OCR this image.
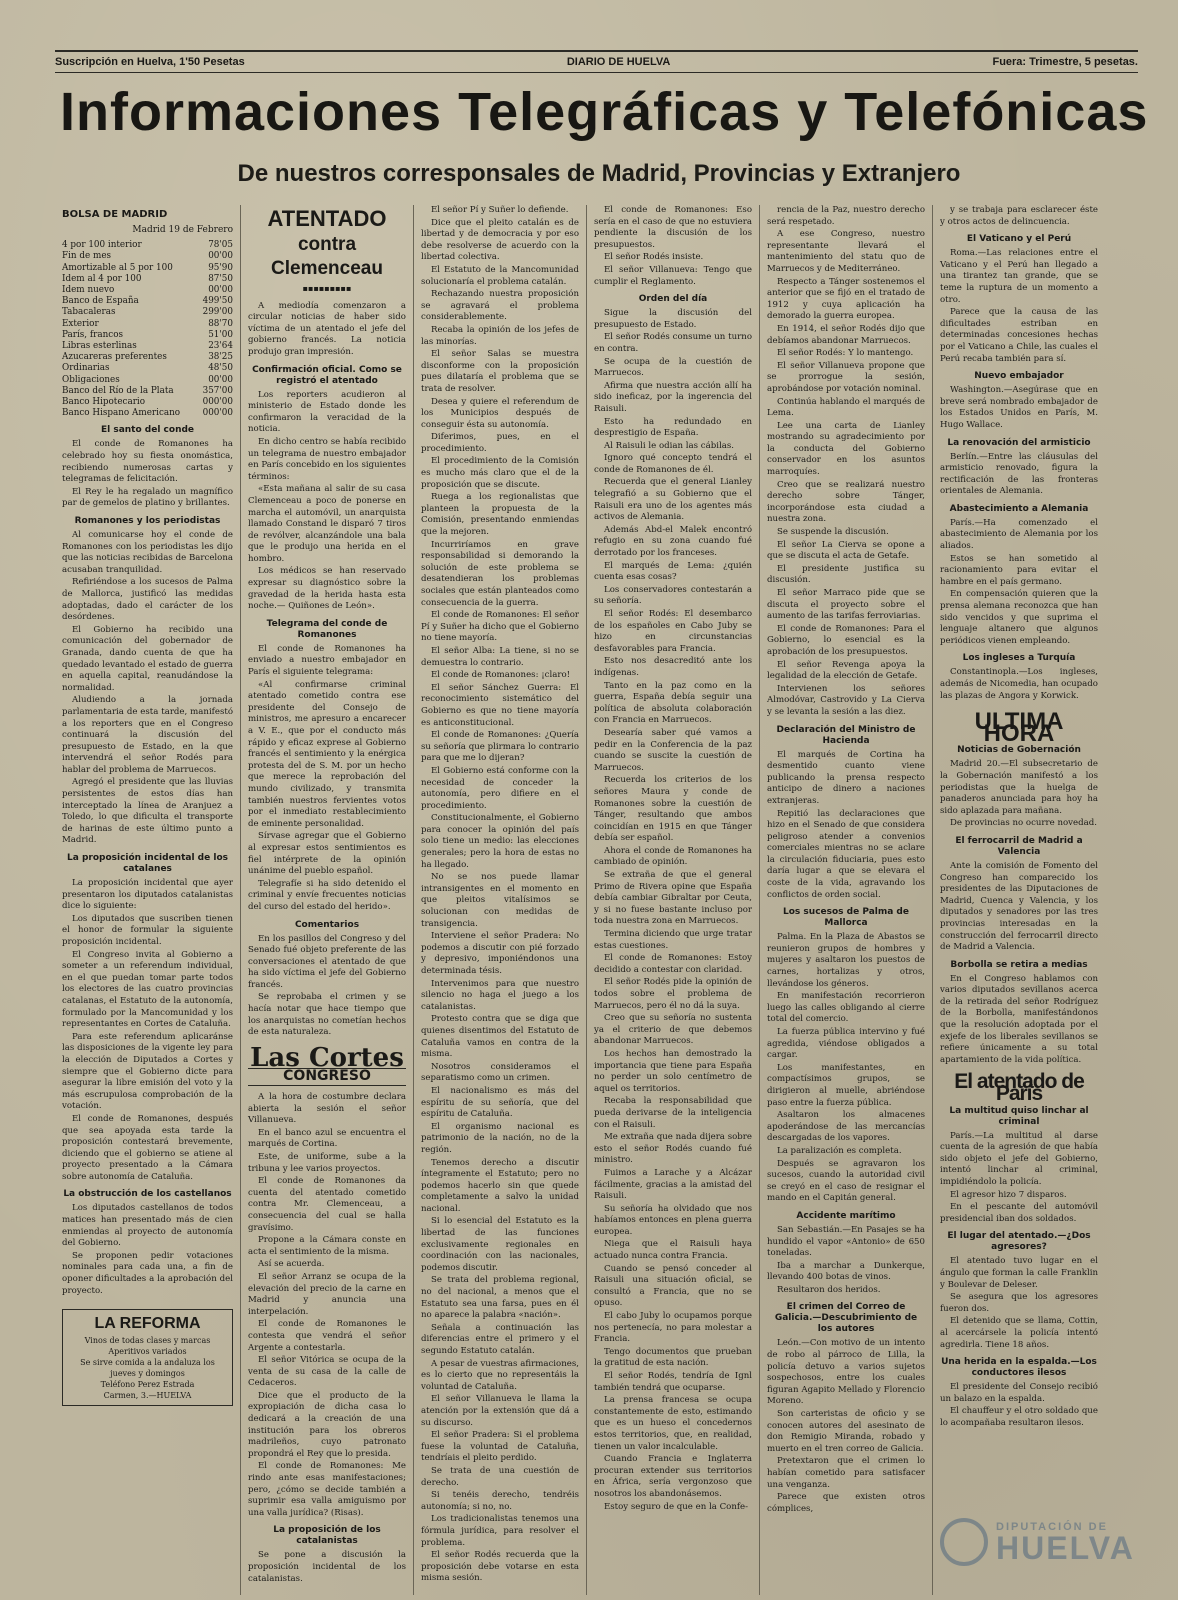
Suscripción en Huelva, 1'50 Pesetas	DIARIO DE HUELVA	Fuera: Trimestre, 5 pesetas.
Informaciones Telegráficas y Telefónicas
De nuestros corresponsales de Madrid, Provincias y Extranjero
BOLSA DE MADRID
Madrid 19 de Febrero
4 por 100 interior	78'05
Fin de mes	00'00
Amortizable al 5 por 100	95'90
Idem al 4 por 100	87'50
Idem nuevo	00'00
Banco de España	499'50
Tabacaleras	299'00
Exterior	88'70
París, francos	51'00
Libras esterlinas	23'64
Azucareras preferentes	38'25
Ordinarias	48'50
Obligaciones	00'00
Banco del Río de la Plata	357'00
Banco Hipotecario	000'00
Banco Hispano Americano	000'00
El santo del conde

El conde de Romanones ha celebrado hoy su fiesta onomástica, recibiendo numerosas cartas y telegramas de felicitación.

El Rey le ha regalado un magnífico par de gemelos de platino y brillantes.

Romanones y los periodistas

Al comunicarse hoy el conde de Romanones con los periodistas les dijo que las noticias recibidas de Barcelona acusaban tranquilidad.

Refiriéndose a los sucesos de Palma de Mallorca, justificó las medidas adoptadas, dado el carácter de los desórdenes.

El Gobierno ha recibido una comunicación del gobernador de Granada, dando cuenta de que ha quedado levantado el estado de guerra en aquella capital, reanudándose la normalidad.

Aludiendo a la jornada parlamentaria de esta tarde, manifestó a los reporters que en el Congreso continuará la discusión del presupuesto de Estado, en la que intervendrá el señor Rodés para hablar del problema de Marruecos.

Agregó el presidente que las lluvias persistentes de estos días han interceptado la línea de Aranjuez a Toledo, lo que dificulta el transporte de harinas de este último punto a Madrid.

La proposición incidental de los catalanes

La proposición incidental que ayer presentaron los diputados catalanistas dice lo siguiente:

Los diputados que suscriben tienen el honor de formular la siguiente proposición incidental.

El Congreso invita al Gobierno a someter a un referendum individual, en el que puedan tomar parte todos los electores de las cuatro provincias catalanas, el Estatuto de la autonomía, formulado por la Mancomunidad y los representantes en Cortes de Cataluña.

Para este referendum aplicaránse las disposiciones de la vigente ley para la elección de Diputados a Cortes y siempre que el Gobierno dicte para asegurar la libre emisión del voto y la más escrupulosa comprobación de la votación.

El conde de Romanones, después que sea apoyada esta tarde la proposición contestará brevemente, diciendo que el gobierno se atiene al proyecto presentado a la Cámara sobre autonomía de Cataluña.

La obstrucción de los castellanos

Los diputados castellanos de todos matices han presentado más de cien enmiendas al proyecto de autonomía del Gobierno.

Se proponen pedir votaciones nominales para cada una, a fin de oponer dificultades a la aprobación del proyecto.

LA REFORMA
Vinos de todas clases y marcas
Aperitivos variados
Se sirve comida a la andaluza los jueves y domingos
Teléfono Perez Estrada
Carmen, 3.—HUELVA
ATENTADO
contra Clemenceau
▪▪▪▪▪▪▪▪▪

A mediodía comenzaron a circular noticias de haber sido víctima de un atentado el jefe del gobierno francés. La noticia produjo gran impresión.

Confirmación oficial. Como se registró el atentado

Los reporters acudieron al ministerio de Estado donde les confirmaron la veracidad de la noticia.

En dicho centro se había recibido un telegrama de nuestro embajador en París concebido en los siguientes términos:

«Esta mañana al salir de su casa Clemenceau a poco de ponerse en marcha el automóvil, un anarquista llamado Constand le disparó 7 tiros de revólver, alcanzándole una bala que le produjo una herida en el hombro.

Los médicos se han reservado expresar su diagnóstico sobre la gravedad de la herida hasta esta noche.— Quiñones de León».

Telegrama del conde de Romanones

El conde de Romanones ha enviado a nuestro embajador en París el siguiente telegrama:

«Al confirmarse criminal atentado cometido contra ese presidente del Consejo de ministros, me apresuro a encarecer a V. E., que por el conducto más rápido y eficaz exprese al Gobierno francés el sentimiento y la enérgica protesta del de S. M. por un hecho que merece la reprobación del mundo civilizado, y transmita también nuestros fervientes votos por el inmediato restablecimiento de eminente personalidad.

Sírvase agregar que el Gobierno al expresar estos sentimientos es fiel intérprete de la opinión unánime del pueblo español.

Telegrafíe si ha sido detenido el criminal y envíe frecuentes noticias del curso del estado del herido».

Comentarios

En los pasillos del Congreso y del Senado fué objeto preferente de las conversaciones el atentado de que ha sido víctima el jefe del Gobierno francés.

Se reprobaba el crimen y se hacía notar que hace tiempo que los anarquistas no cometían hechos de esta naturaleza.

Las Cortes
CONGRESO

A la hora de costumbre declara abierta la sesión el señor Villanueva.

En el banco azul se encuentra el marqués de Cortina.

Este, de uniforme, sube a la tribuna y lee varios proyectos.

El conde de Romanones da cuenta del atentado cometido contra Mr. Clemenceau, a consecuencia del cual se halla gravísimo.

Propone a la Cámara conste en acta el sentimiento de la misma.

Así se acuerda.

El señor Arranz se ocupa de la elevación del precio de la carne en Madrid y anuncia una interpelación.

El conde de Romanones le contesta que vendrá el señor Argente a contestarla.

El señor Vitórica se ocupa de la venta de su casa de la calle de Cedaceros.

Dice que el producto de la expropiación de dicha casa lo dedicará a la creación de una institución para los obreros madrileños, cuyo patronato propondrá el Rey que lo presida.

El conde de Romanones: Me rindo ante esas manifestaciones; pero, ¿cómo se decide también a suprimir esa valla amiguismo por una valla jurídica? (Risas).

La proposición de los catalanistas

Se pone a discusión la proposición incidental de los catalanistas.

El señor Pí y Suñer lo defiende.

Dice que el pleito catalán es de libertad y de democracia y por eso debe resolverse de acuerdo con la libertad colectiva.

El Estatuto de la Mancomunidad solucionaría el problema catalán.

Rechazando nuestra proposición se agravará el problema considerablemente.

Recaba la opinión de los jefes de las minorías.

El señor Salas se muestra disconforme con la proposición pues dilataría el problema que se trata de resolver.

Desea y quiere el referendum de los Municipios después de conseguir ésta su autonomía.

Diferimos, pues, en el procedimiento.

El procedimiento de la Comisión es mucho más claro que el de la proposición que se discute.

Ruega a los regionalistas que planteen la propuesta de la Comisión, presentando enmiendas que la mejoren.

Incurriríamos en grave responsabilidad si demorando la solución de este problema se desatendieran los problemas sociales que están planteados como consecuencia de la guerra.

El conde de Romanones: El señor Pí y Suñer ha dicho que el Gobierno no tiene mayoría.

El señor Alba: La tiene, si no se demuestra lo contrario.

El conde de Romanones: ¡claro!

El señor Sánchez Guerra: El reconocimiento sistemático del Gobierno es que no tiene mayoría es anticonstitucional.

El conde de Romanones: ¿Quería su señoría que plirmara lo contrario para que me lo dijeran?

El Gobierno está conforme con la necesidad de conceder la autonomía, pero difiere en el procedimiento.

Constitucionalmente, el Gobierno para conocer la opinión del país solo tiene un medio: las elecciones generales; pero la hora de estas no ha llegado.

No se nos puede llamar intransigentes en el momento en que pleitos vitalísimos se solucionan con medidas de transigencia.

Interviene el señor Pradera: No podemos a discutir con pié forzado y depresivo, imponiéndonos una determinada tésis.

Intervenimos para que nuestro silencio no haga el juego a los catalanistas.

Protesto contra que se diga que quienes disentimos del Estatuto de Cataluña vamos en contra de la misma.

Nosotros consideramos el separatismo como un crimen.

El nacionalismo es más del espíritu de su señoría, que del espíritu de Cataluña.

El organismo nacional es patrimonio de la nación, no de la región.

Tenemos derecho a discutir íntegramente el Estatuto; pero no podemos hacerlo sin que quede completamente a salvo la unidad nacional.

Si lo esencial del Estatuto es la libertad de las funciones exclusivamente regionales en coordinación con las nacionales, podemos discutir.

Se trata del problema regional, no del nacional, a menos que el Estatuto sea una farsa, pues en él no aparece la palabra «nación».

Señala a continuación las diferencias entre el primero y el segundo Estatuto catalán.

A pesar de vuestras afirmaciones, es lo cierto que no representáis la voluntad de Cataluña.

El señor Villanueva le llama la atención por la extensión que dá a su discurso.

El señor Pradera: Si el problema fuese la voluntad de Cataluña, tendríais el pleito perdido.

Se trata de una cuestión de derecho.

Si tenéis derecho, tendréis autonomía; si no, no.

Los tradicionalistas tenemos una fórmula jurídica, para resolver el problema.

El señor Rodés recuerda que la proposición debe votarse en esta misma sesión.

El conde de Romanones: Eso sería en el caso de que no estuviera pendiente la discusión de los presupuestos.

El señor Rodés insiste.

El señor Villanueva: Tengo que cumplir el Reglamento.

Orden del día

Sigue la discusión del presupuesto de Estado.

El señor Rodés consume un turno en contra.

Se ocupa de la cuestión de Marruecos.

Afirma que nuestra acción allí ha sido ineficaz, por la ingerencia del Raisuli.

Esto ha redundado en desprestigio de España.

Al Raisuli le odian las cábilas.

Ignoro qué concepto tendrá el conde de Romanones de él.

Recuerda que el general Lianley telegrafió a su Gobierno que el Raisuli era uno de los agentes más activos de Alemania.

Además Abd-el Malek encontró refugio en su zona cuando fué derrotado por los franceses.

El marqués de Lema: ¿quién cuenta esas cosas?

Los conservadores contestarán a su señoría.

El señor Rodés: El desembarco de los españoles en Cabo Juby se hizo en circunstancias desfavorables para Francia.

Esto nos desacreditó ante los indígenas.

Tanto en la paz como en la guerra, España debía seguir una política de absoluta colaboración con Francia en Marruecos.

Desearía saber qué vamos a pedir en la Conferencia de la paz cuando se suscite la cuestión de Marruecos.

Recuerda los criterios de los señores Maura y conde de Romanones sobre la cuestión de Tánger, resultando que ambos coincidían en 1915 en que Tánger debía ser español.

Ahora el conde de Romanones ha cambiado de opinión.

Se extraña de que el general Primo de Rivera opine que España debía cambiar Gibraltar por Ceuta, y si no fuese bastante incluso por toda nuestra zona en Marruecos.

Termina diciendo que urge tratar estas cuestiones.

El conde de Romanones: Estoy decidido a contestar con claridad.

El señor Rodés pide la opinión de todos sobre el problema de Marruecos, pero él no dá la suya.

Creo que su señoría no sustenta ya el criterio de que debemos abandonar Marruecos.

Los hechos han demostrado la importancia que tiene para España no perder un solo centímetro de aquel os territorios.

Recaba la responsabilidad que pueda derivarse de la inteligencia con el Raisuli.

Me extraña que nada dijera sobre esto el señor Rodés cuando fué ministro.

Fuimos a Larache y a Alcázar fácilmente, gracias a la amistad del Raisuli.

Su señoría ha olvidado que nos habíamos entonces en plena guerra europea.

Niega que el Raisuli haya actuado nunca contra Francia.

Cuando se pensó conceder al Raisuli una situación oficial, se consultó a Francia, que no se opuso.

El cabo Juby lo ocupamos porque nos pertenecía, no para molestar a Francia.

Tengo documentos que prueban la gratitud de esta nación.

El señor Rodés, tendría de Ignl también tendrá que ocuparse.

La prensa francesa se ocupa constantemente de esto, estimando que es un hueso el concedernos estos territorios, que, en realidad, tienen un valor incalculable.

Cuando Francia e Inglaterra procuran extender sus territorios en África, sería vergonzoso que nosotros los abandonásemos.

Estoy seguro de que en la Confe-

rencia de la Paz, nuestro derecho será respetado.

A ese Congreso, nuestro representante llevará el mantenimiento del statu quo de Marruecos y de Mediterráneo.

Respecto a Tánger sostenemos el anterior que se fijó en el tratado de 1912 y cuya aplicación ha demorado la guerra europea.

En 1914, el señor Rodés dijo que debíamos abandonar Marruecos.

El señor Rodés: Y lo mantengo.

El señor Villanueva propone que se prorrogue la sesión, aprobándose por votación nominal.

Continúa hablando el marqués de Lema.

Lee una carta de Lianley mostrando su agradecimiento por la conducta del Gobierno conservador en los asuntos marroquíes.

Creo que se realizará nuestro derecho sobre Tánger, incorporándose esta ciudad a nuestra zona.

Se suspende la discusión.

El señor La Cierva se opone a que se discuta el acta de Getafe.

El presidente justifica su discusión.

El señor Marraco pide que se discuta el proyecto sobre el aumento de las tarifas ferroviarias.

El conde de Romanones: Para el Gobierno, lo esencial es la aprobación de los presupuestos.

El señor Revenga apoya la legalidad de la elección de Getafe.

Intervienen los señores Almodóvar, Castrovido y La Cierva y se levanta la sesión a las diez.

Declaración del Ministro de Hacienda

El marqués de Cortina ha desmentido cuanto viene publicando la prensa respecto anticipo de dinero a naciones extranjeras.

Repitió las declaraciones que hizo en el Senado de que considera peligroso atender a convenios comerciales mientras no se aclare la circulación fiduciaria, pues esto daría lugar a que se elevara el coste de la vida, agravando los conflictos de orden social.

Los sucesos de Palma de Mallorca

Palma. En la Plaza de Abastos se reunieron grupos de hombres y mujeres y asaltaron los puestos de carnes, hortalizas y otros, llevándose los géneros.

En manifestación recorrieron luego las calles obligando al cierre total del comercio.

La fuerza pública intervino y fué agredida, viéndose obligados a cargar.

Los manifestantes, en compactísimos grupos, se dirigieron al muelle, abriéndose paso entre la fuerza pública.

Asaltaron los almacenes apoderándose de las mercancías descargadas de los vapores.

La paralización es completa.

Después se agravaron los sucesos, cuando la autoridad civil se creyó en el caso de resignar el mando en el Capitán general.

Accidente marítimo

San Sebastián.—En Pasajes se ha hundido el vapor «Antonio» de 650 toneladas.

Iba a marchar a Dunkerque, llevando 400 botas de vinos.

Resultaron dos heridos.

El crimen del Correo de Galicia.—Descubrimiento de los autores

León.—Con motivo de un intento de robo al párroco de Lilla, la policía detuvo a varios sujetos sospechosos, entre los cuales figuran Agapito Mellado y Florencio Moreno.

Son carteristas de oficio y se conocen autores del asesinato de don Remigio Miranda, robado y muerto en el tren correo de Galicia.

Pretextaron que el crimen lo habían cometido para satisfacer una venganza.

Parece que existen otros cómplices,

y se trabaja para esclarecer éste y otros actos de delincuencia.

El Vaticano y el Perú

Roma.—Las relaciones entre el Vaticano y el Perú han llegado a una tirantez tan grande, que se teme la ruptura de un momento a otro.

Parece que la causa de las dificultades estriban en determinadas concesiones hechas por el Vaticano a Chile, las cuales el Perú recaba también para sí.

Nuevo embajador

Washington.—Asegúrase que en breve será nombrado embajador de los Estados Unidos en París, M. Hugo Wallace.

La renovación del armisticio

Berlín.—Entre las cláusulas del armisticio renovado, figura la rectificación de las fronteras orientales de Alemania.

Abastecimiento a Alemania

París.—Ha comenzado el abastecimiento de Alemania por los aliados.

Estos se han sometido al racionamiento para evitar el hambre en el país germano.

En compensación quieren que la prensa alemana reconozca que han sido vencidos y que suprima el lenguaje altanero que algunos periódicos vienen empleando.

Los ingleses a Turquía

Constantinopla.—Los ingleses, además de Nicomedia, han ocupado las plazas de Angora y Korwick.

ULTIMA HORA
Noticias de Gobernación

Madrid 20.—El subsecretario de la Gobernación manifestó a los periodistas que la huelga de panaderos anunciada para hoy ha sido aplazada para mañana.

De provincias no ocurre novedad.

El ferrocarril de Madrid a Valencia

Ante la comisión de Fomento del Congreso han comparecido los presidentes de las Diputaciones de Madrid, Cuenca y Valencia, y los diputados y senadores por las tres provincias interesadas en la construcción del ferrocarril directo de Madrid a Valencia.

Borbolla se retira a medias

En el Congreso hablamos con varios diputados sevillanos acerca de la retirada del señor Rodríguez de la Borbolla, manifestándonos que la resolución adoptada por el exjefe de los liberales sevillanos se refiere únicamente a su total apartamiento de la vida política.

El atentado de París
La multitud quiso linchar al criminal

París.—La multitud al darse cuenta de la agresión de que había sido objeto el jefe del Gobierno, intentó linchar al criminal, impidiéndolo la policía.

El agresor hizo 7 disparos.

En el pescante del automóvil presidencial iban dos soldados.

El lugar del atentado.—¿Dos agresores?

El atentado tuvo lugar en el ángulo que forman la calle Franklin y Boulevar de Deleser.

Se asegura que los agresores fueron dos.

El detenido que se llama, Cottin, al acercársele la policía intentó agredirla. Tiene 18 años.

Una herida en la espalda.—Los conductores ilesos

El presidente del Consejo recibió un balazo en la espalda.

El chauffeur y el otro soldado que lo acompañaba resultaron ilesos.

DIPUTACIÓN DE
HUELVA
